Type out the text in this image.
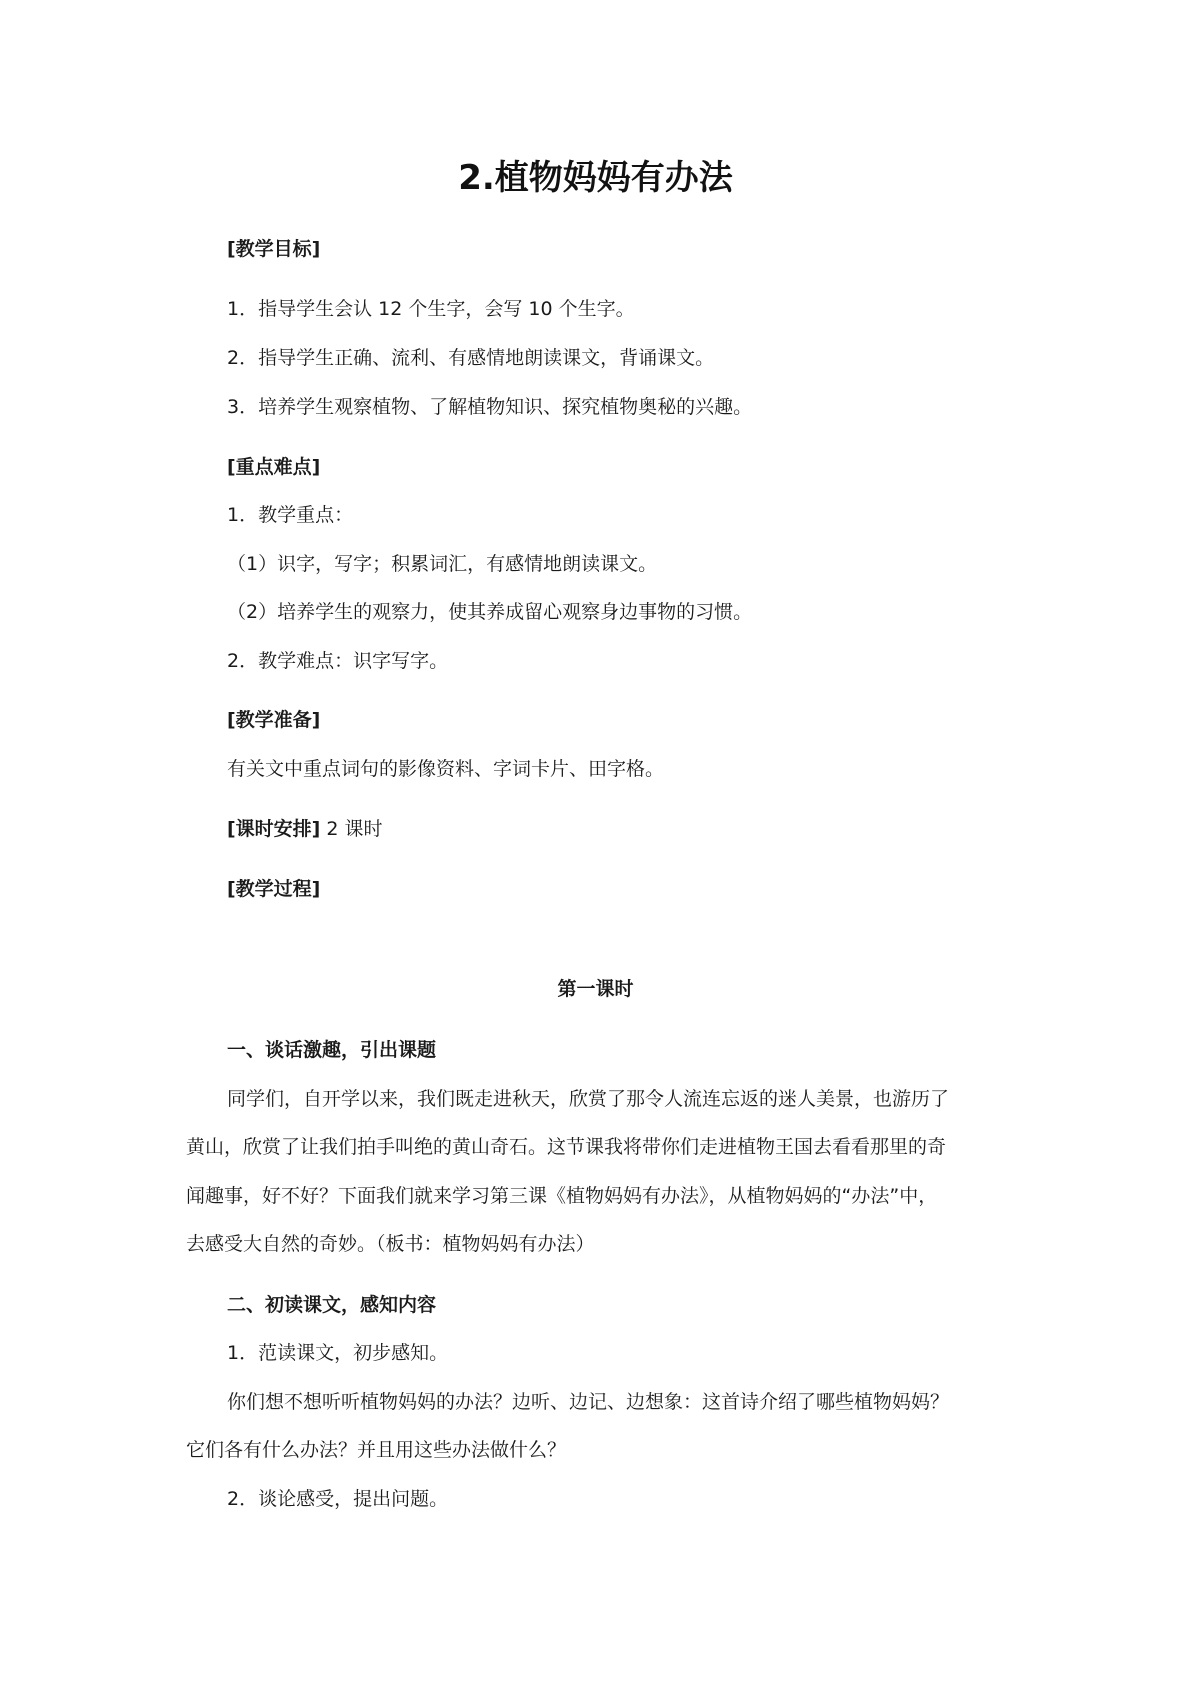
2.植物妈妈有办法
[教学目标]
1．指导学生会认 12 个生字，会写 10 个生字。
2．指导学生正确、流利、有感情地朗读课文，背诵课文。
3．培养学生观察植物、了解植物知识、探究植物奥秘的兴趣。
[重点难点]
1．教学重点：
（1）识字，写字；积累词汇，有感情地朗读课文。
（2）培养学生的观察力，使其养成留心观察身边事物的习惯。
2．教学难点：识字写字。
[教学准备]
有关文中重点词句的影像资料、字词卡片、田字格。
[课时安排] 2 课时
[教学过程]
第一课时
一、谈话激趣，引出课题
同学们，自开学以来，我们既走进秋天，欣赏了那令人流连忘返的迷人美景，也游历了
黄山，欣赏了让我们拍手叫绝的黄山奇石。这节课我将带你们走进植物王国去看看那里的奇
闻趣事，好不好？下面我们就来学习第三课《植物妈妈有办法》，从植物妈妈的“办法”中，
去感受大自然的奇妙。（板书：植物妈妈有办法）
二、初读课文，感知内容
1．范读课文，初步感知。
你们想不想听听植物妈妈的办法？边听、边记、边想象：这首诗介绍了哪些植物妈妈？
它们各有什么办法？并且用这些办法做什么？
2．谈论感受，提出问题。
